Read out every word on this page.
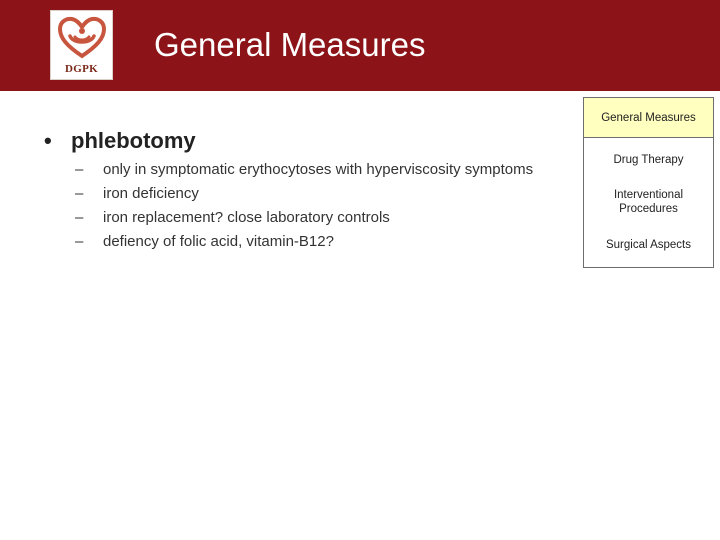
DGPK
General Measures
General Measures
Drug Therapy
Interventional
Procedures
Surgical Aspects
• phlebotomy
– only in symptomatic erythocytoses with hyperviscosity symptoms
– iron deficiency
– iron replacement? close laboratory controls
– defiency of folic acid, vitamin-B12?
